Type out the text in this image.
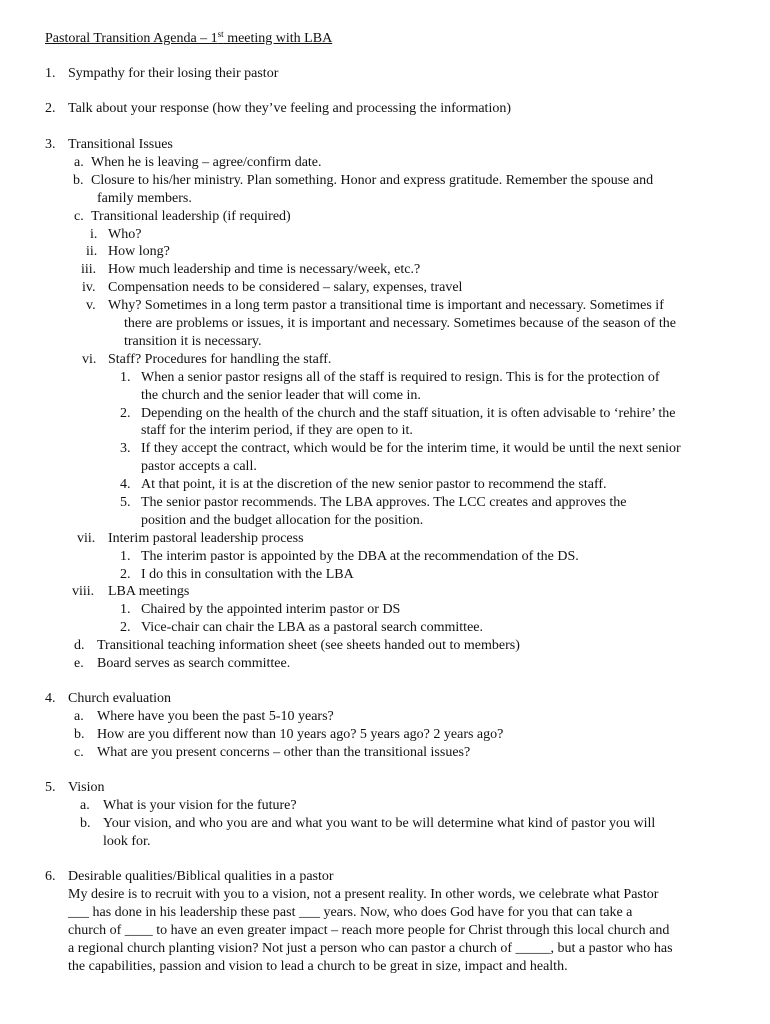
Pastoral Transition Agenda – 1st meeting with LBA
1. Sympathy for their losing their pastor
2. Talk about your response (how they’ve feeling and processing the information)
3. Transitional Issues
a. When he is leaving – agree/confirm date.
b. Closure to his/her ministry. Plan something. Honor and express gratitude. Remember the spouse and
family members.
c. Transitional leadership (if required)
i. Who?
ii. How long?
iii. How much leadership and time is necessary/week, etc.?
iv. Compensation needs to be considered – salary, expenses, travel
v. Why? Sometimes in a long term pastor a transitional time is important and necessary. Sometimes if
there are problems or issues, it is important and necessary. Sometimes because of the season of the
transition it is necessary.
vi. Staff? Procedures for handling the staff.
1. When a senior pastor resigns all of the staff is required to resign. This is for the protection of
the church and the senior leader that will come in.
2. Depending on the health of the church and the staff situation, it is often advisable to ‘rehire’ the
staff for the interim period, if they are open to it.
3. If they accept the contract, which would be for the interim time, it would be until the next senior
pastor accepts a call.
4. At that point, it is at the discretion of the new senior pastor to recommend the staff.
5. The senior pastor recommends. The LBA approves. The LCC creates and approves the
position and the budget allocation for the position.
vii. Interim pastoral leadership process
1. The interim pastor is appointed by the DBA at the recommendation of the DS.
2. I do this in consultation with the LBA
viii. LBA meetings
1. Chaired by the appointed interim pastor or DS
2. Vice-chair can chair the LBA as a pastoral search committee.
d. Transitional teaching information sheet (see sheets handed out to members)
e. Board serves as search committee.
4. Church evaluation
a. Where have you been the past 5-10 years?
b. How are you different now than 10 years ago? 5 years ago? 2 years ago?
c. What are you present concerns – other than the transitional issues?
5. Vision
a. What is your vision for the future?
b. Your vision, and who you are and what you want to be will determine what kind of pastor you will
look for.
6. Desirable qualities/Biblical qualities in a pastor
My desire is to recruit with you to a vision, not a present reality. In other words, we celebrate what Pastor
___ has done in his leadership these past ___ years. Now, who does God have for you that can take a
church of ____ to have an even greater impact – reach more people for Christ through this local church and
a regional church planting vision? Not just a person who can pastor a church of _____, but a pastor who has
the capabilities, passion and vision to lead a church to be great in size, impact and health.
